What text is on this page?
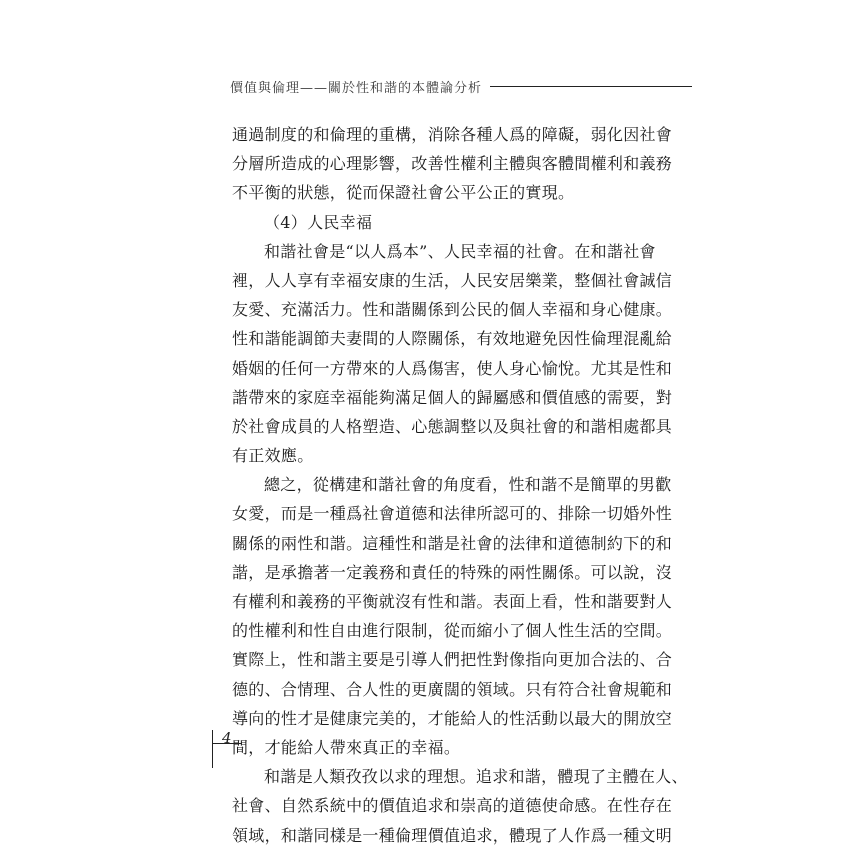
價值與倫理——關於性和諧的本體論分析
通過制度的和倫理的重構，消除各種人爲的障礙，弱化因社會
分層所造成的心理影響，改善性權利主體與客體間權利和義務
不平衡的狀態，從而保證社會公平公正的實現。
（4）人民幸福
和諧社會是“以人爲本”、人民幸福的社會。在和諧社會
裡，人人享有幸福安康的生活，人民安居樂業，整個社會誠信
友愛、充滿活力。性和諧關係到公民的個人幸福和身心健康。
性和諧能調節夫妻間的人際關係，有效地避免因性倫理混亂給
婚姻的任何一方帶來的人爲傷害，使人身心愉悅。尤其是性和
諧帶來的家庭幸福能夠滿足個人的歸屬感和價值感的需要，對
於社會成員的人格塑造、心態調整以及與社會的和諧相處都具
有正效應。
總之，從構建和諧社會的角度看，性和諧不是簡單的男歡
女愛，而是一種爲社會道德和法律所認可的、排除一切婚外性
關係的兩性和諧。這種性和諧是社會的法律和道德制約下的和
諧，是承擔著一定義務和責任的特殊的兩性關係。可以說，沒
有權利和義務的平衡就沒有性和諧。表面上看，性和諧要對人
的性權利和性自由進行限制，從而縮小了個人性生活的空間。
實際上，性和諧主要是引導人們把性對像指向更加合法的、合
德的、合情理、合人性的更廣闊的領域。只有符合社會規範和
導向的性才是健康完美的，才能給人的性活動以最大的開放空
間，才能給人帶來真正的幸福。
和諧是人類孜孜以求的理想。追求和諧，體現了主體在人、
社會、自然系統中的價值追求和崇高的道德使命感。在性存在
領域，和諧同樣是一種倫理價值追求，體現了人作爲一種文明
4
